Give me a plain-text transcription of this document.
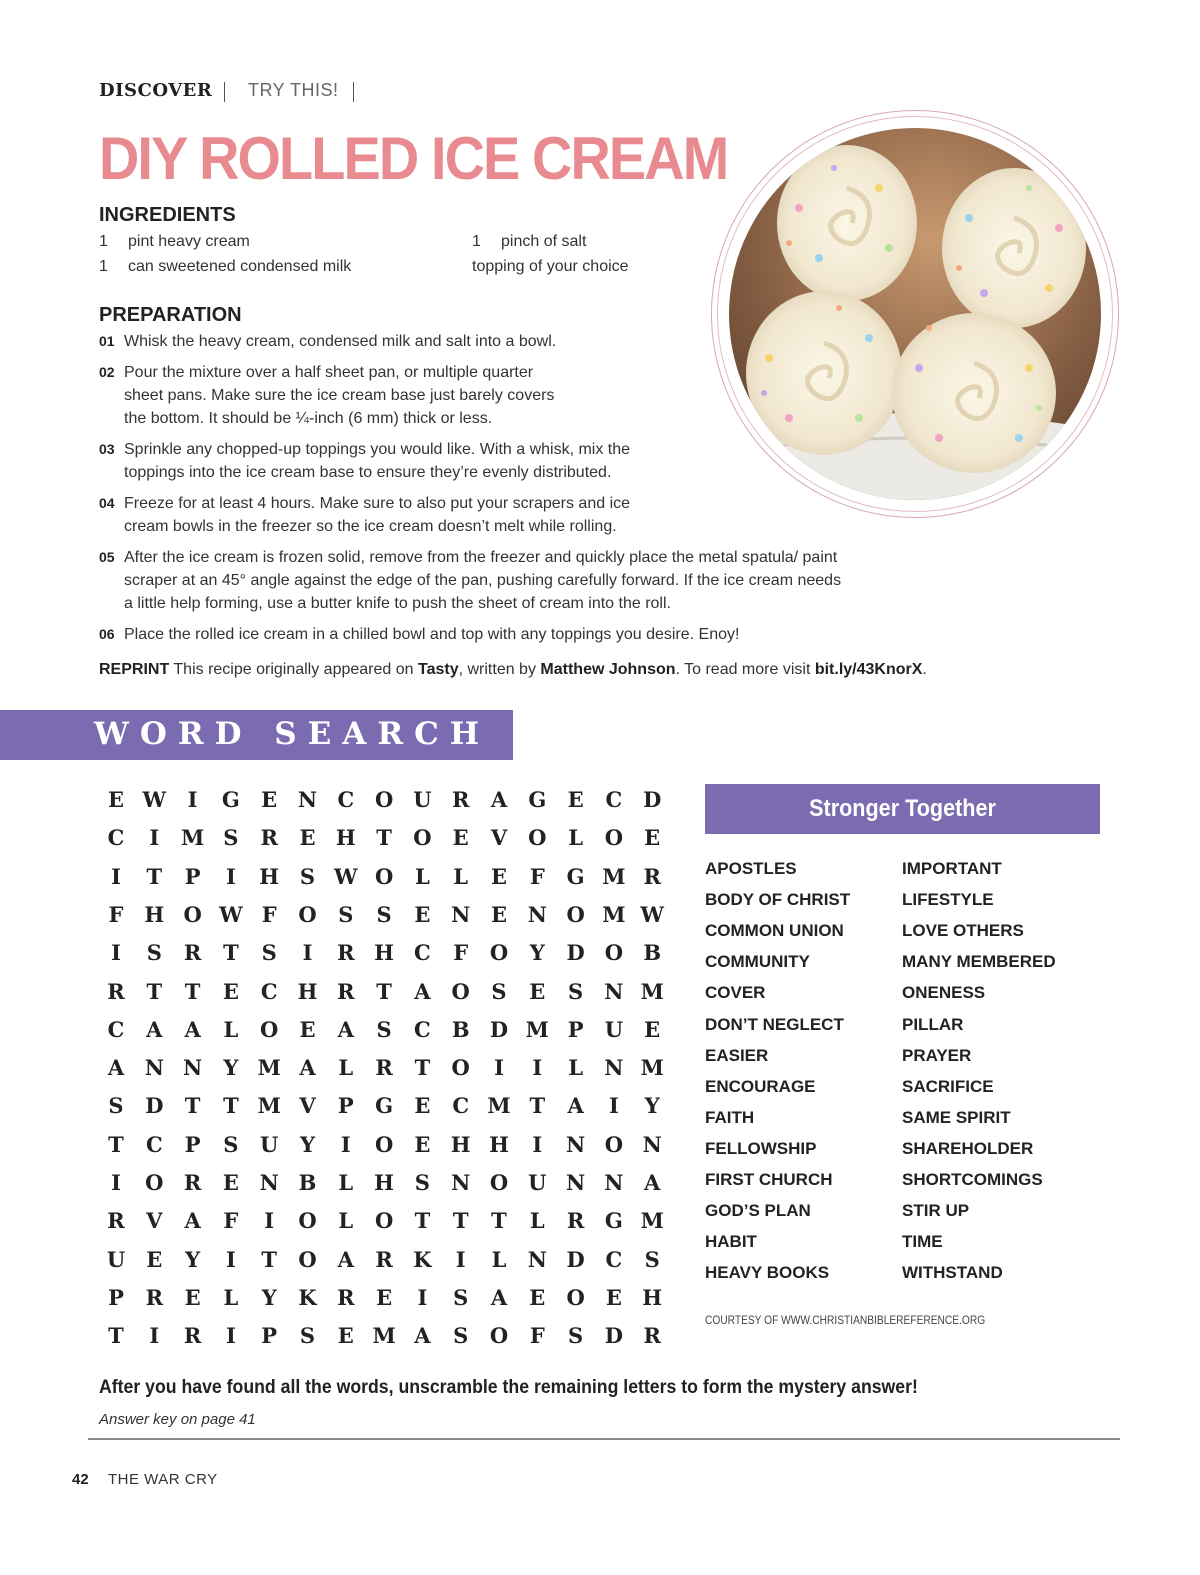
DISCOVER TRY THIS!
DIY ROLLED ICE CREAM
INGREDIENTS
1 pint heavy cream
1 can sweetened condensed milk
1 pinch of salt
topping of your choice
PREPARATION
01 Whisk the heavy cream, condensed milk and salt into a bowl.
02 Pour the mixture over a half sheet pan, or multiple quarter sheet pans. Make sure the ice cream base just barely covers the bottom. It should be ¼-inch (6 mm) thick or less.
03 Sprinkle any chopped-up toppings you would like. With a whisk, mix the toppings into the ice cream base to ensure they’re evenly distributed.
04 Freeze for at least 4 hours. Make sure to also put your scrapers and ice cream bowls in the freezer so the ice cream doesn’t melt while rolling.
05 After the ice cream is frozen solid, remove from the freezer and quickly place the metal spatula/ paint scraper at an 45° angle against the edge of the pan, pushing carefully forward. If the ice cream needs a little help forming, use a butter knife to push the sheet of cream into the roll.
06 Place the rolled ice cream in a chilled bowl and top with any toppings you desire. Enoy!
REPRINT This recipe originally appeared on Tasty, written by Matthew Johnson. To read more visit bit.ly/43KnorX.
WORD SEARCH
E W	I	G	E N C O U R	A	G	E	C D
C	I	M S	R	E H T	O	E	V	O	L	O	E
I	T	P	I	H S W O	L	L	E	F	G M R
F H O W F	O	S	S	E N E N O M W
I	S	R	T	S	I	R H C	F	O	Y	D O B
R	T	T	E	C H R	T	A	O	S	E	S	N M
C	A	A	L	O	E	A	S	C	B D M P	U	E
A N N	Y M A	L	R	T	O	I	I	L	N M
S	D	T	T M V	P	G	E	C M T	A	I	Y
T	C	P	S	U	Y	I	O	E H H	I	N O N
I	O R	E N B	L	H S	N O U N N A
R	V	A	F	I	O	L	O	T	T	T	L	R G M
U	E	Y	I	T	O	A	R K	I	L	N D C	S
P	R	E	L	Y	K R	E	I	S	A	E	O	E H
T	I	R	I	P	S	E M A	S	O	F	S	D R
Stronger Together
APOSTLES
BODY OF CHRIST
COMMON UNION
COMMUNITY
COVER
DON’T NEGLECT
EASIER
ENCOURAGE
FAITH
FELLOWSHIP
FIRST CHURCH
GOD’S PLAN
HABIT
HEAVY BOOKS
IMPORTANT
LIFESTYLE
LOVE OTHERS
MANY MEMBERED
ONENESS
PILLAR
PRAYER
SACRIFICE
SAME SPIRIT
SHAREHOLDER
SHORTCOMINGS
STIR UP
TIME
WITHSTAND
COURTESY OF WWW.CHRISTIANBIBLEREFERENCE.ORG
After you have found all the words, unscramble the remaining letters to form the mystery answer!
Answer key on page 41
42 THE WAR CRY
